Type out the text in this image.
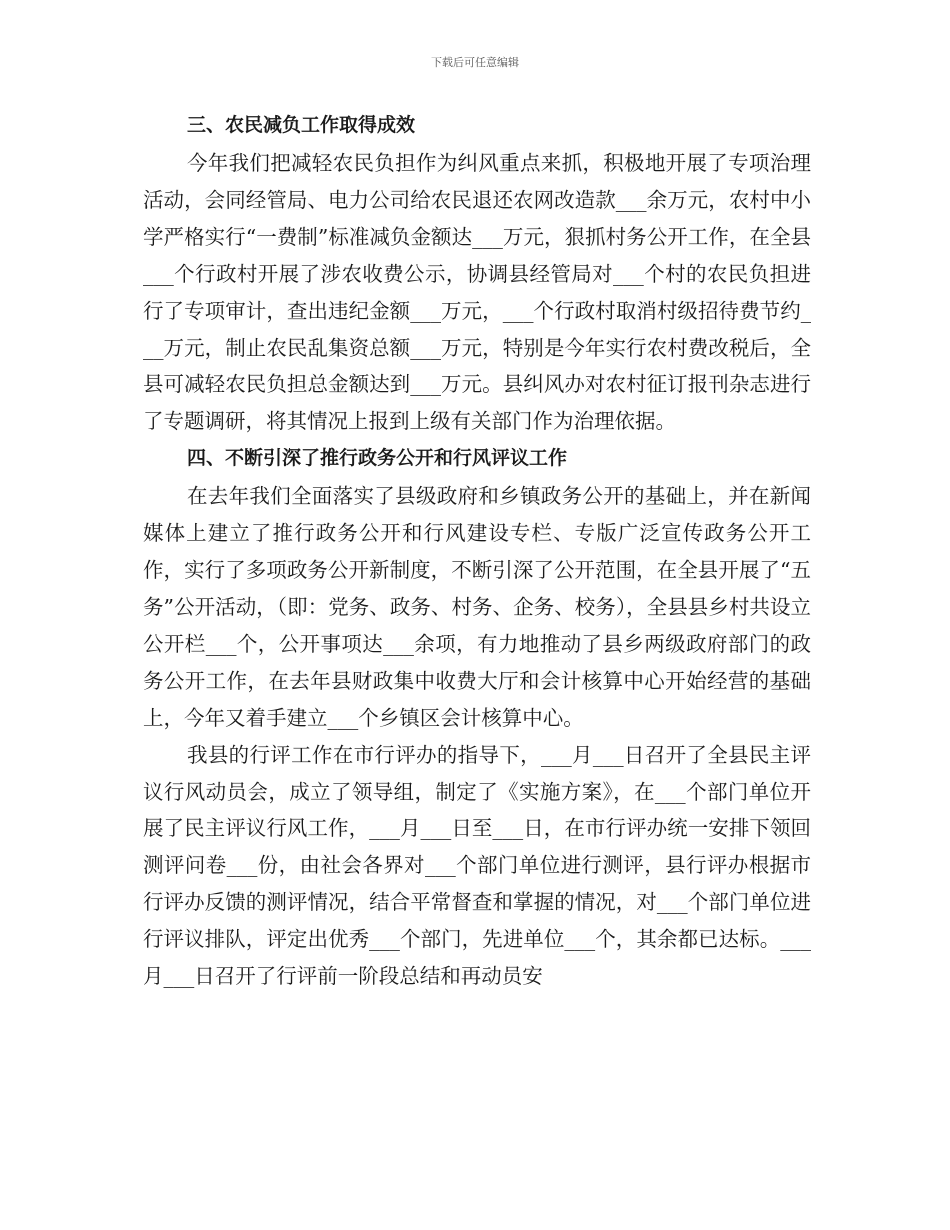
下载后可任意编辑

三、农民减负工作取得成效

今年我们把减轻农民负担作为纠风重点来抓，积极地开展了专项治理活动，会同经管局、电力公司给农民退还农网改造款___余万元，农村中小学严格实行“一费制”标准减负金额达___万元，狠抓村务公开工作，在全县___个行政村开展了涉农收费公示，协调县经管局对___个村的农民负担进行了专项审计，查出违纪金额___万元，___个行政村取消村级招待费节约___万元，制止农民乱集资总额___万元，特别是今年实行农村费改税后，全县可减轻农民负担总金额达到___万元。县纠风办对农村征订报刊杂志进行了专题调研，将其情况上报到上级有关部门作为治理依据。

四、不断引深了推行政务公开和行风评议工作

在去年我们全面落实了县级政府和乡镇政务公开的基础上，并在新闻媒体上建立了推行政务公开和行风建设专栏、专版广泛宣传政务公开工作，实行了多项政务公开新制度，不断引深了公开范围，在全县开展了“五务”公开活动，（即：党务、政务、村务、企务、校务），全县县乡村共设立公开栏___个，公开事项达___余项，有力地推动了县乡两级政府部门的政务公开工作，在去年县财政集中收费大厅和会计核算中心开始经营的基础上，今年又着手建立___个乡镇区会计核算中心。

我县的行评工作在市行评办的指导下，___月___日召开了全县民主评议行风动员会，成立了领导组，制定了《实施方案》，在___个部门单位开展了民主评议行风工作，___月___日至___日，在市行评办统一安排下领回测评问卷___份，由社会各界对___个部门单位进行测评，县行评办根据市行评办反馈的测评情况，结合平常督查和掌握的情况，对___个部门单位进行评议排队，评定出优秀___个部门，先进单位___个，其余都已达标。___月___日召开了行评前一阶段总结和再动员安
